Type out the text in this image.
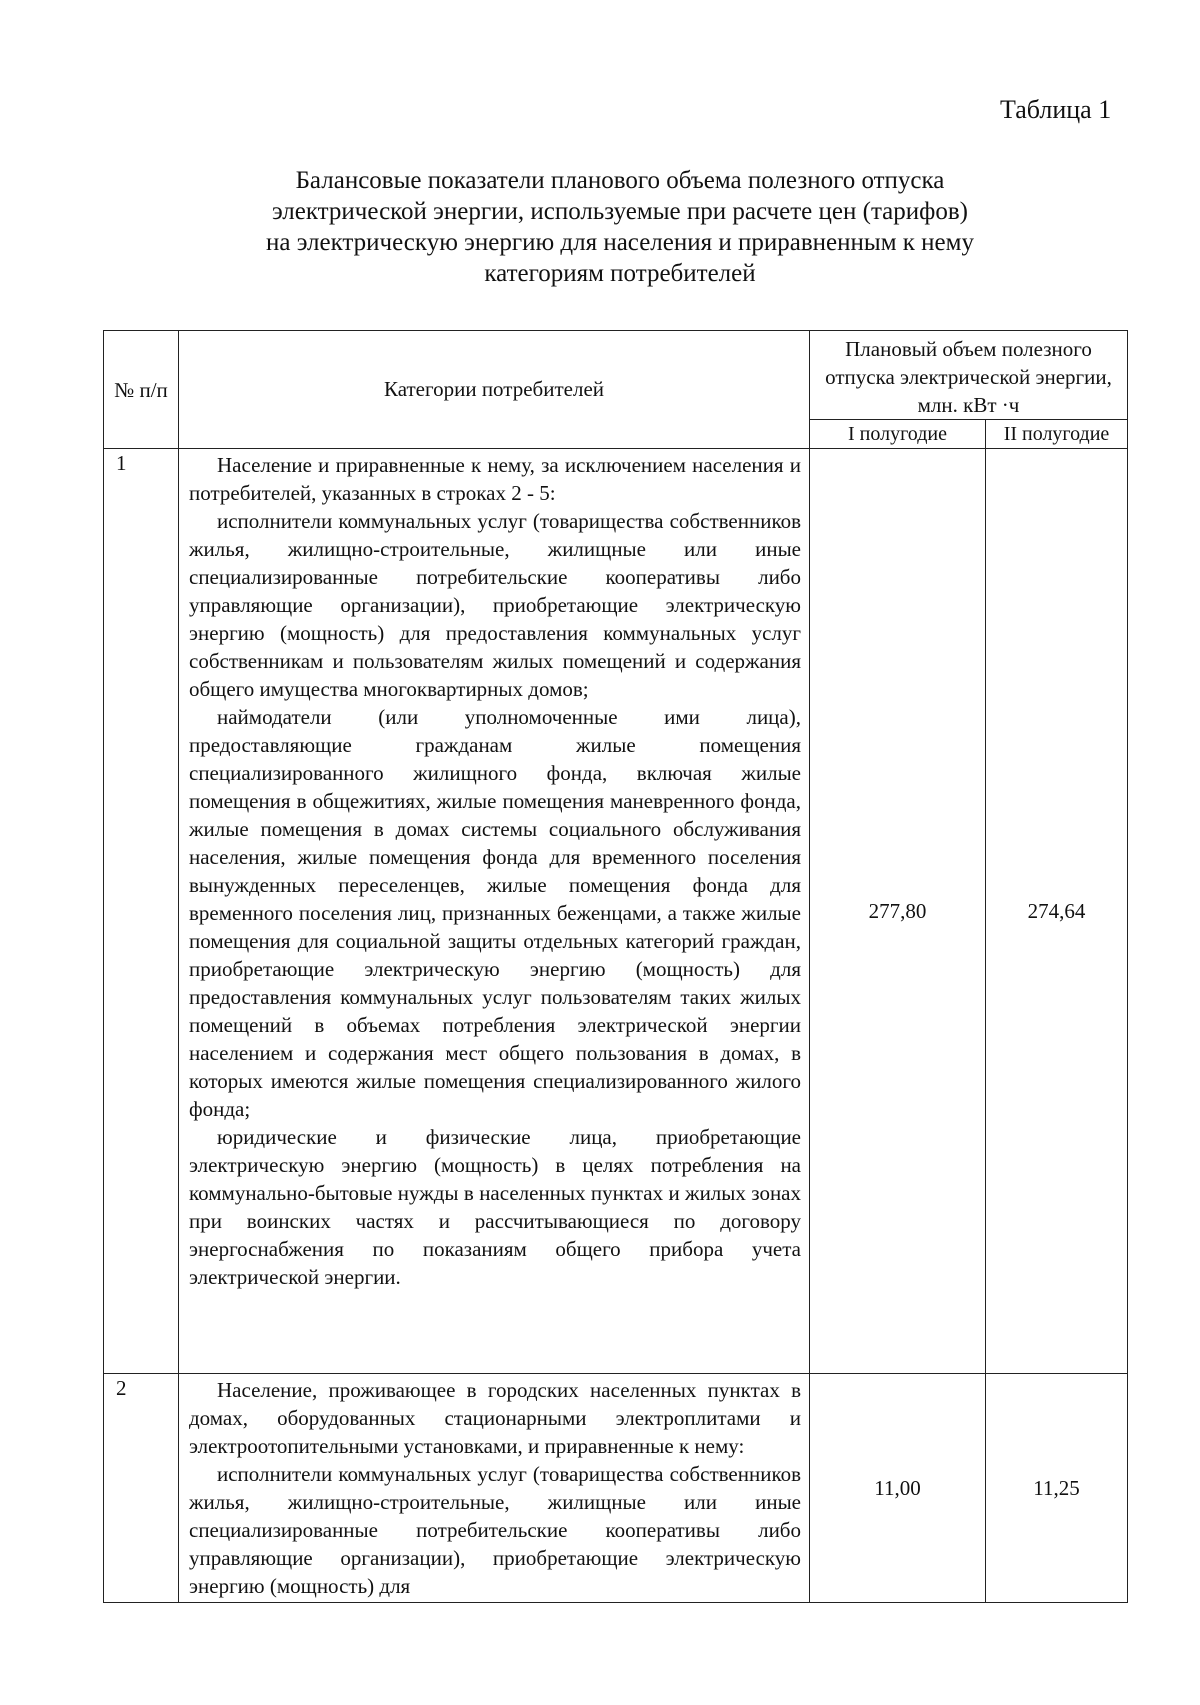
Таблица 1
Балансовые показатели планового объема полезного отпуска
электрической энергии, используемые при расчете цен (тарифов)
на электрическую энергию для населения и приравненным к нему
категориям потребителей
№ п/п	Категории потребителей	Плановый объем полезного отпуска электрической энергии, млн. кВт ·ч	
		I полугодие	II полугодие
1	Население и приравненные к нему, за исключением населения и потребителей, указанных в строках 2 - 5:

исполнители коммунальных услуг (товарищества собственников жилья, жилищно-строительные, жилищные или иные специализированные потребительские кооперативы либо управляющие организации), приобретающие электрическую энергию (мощность) для предоставления коммунальных услуг собственникам и пользователям жилых помещений и содержания общего имущества многоквартирных домов;

наймодатели (или уполномоченные ими лица), предоставляющие гражданам жилые помещения специализированного жилищного фонда, включая жилые помещения в общежитиях, жилые помещения маневренного фонда, жилые помещения в домах системы социального обслуживания населения, жилые помещения фонда для временного поселения вынужденных переселенцев, жилые помещения фонда для временного поселения лиц, признанных беженцами, а также жилые помещения для социальной защиты отдельных категорий граждан, приобретающие электрическую энергию (мощность) для предоставления коммунальных услуг пользователям таких жилых помещений в объемах потребления электрической энергии населением и содержания мест общего пользования в домах, в которых имеются жилые помещения специализированного жилого фонда;

юридические и физические лица, приобретающие электрическую энергию (мощность) в целях потребления на коммунально-бытовые нужды в населенных пунктах и жилых зонах при воинских частях и рассчитывающиеся по договору энергоснабжения по показаниям общего прибора учета электрической энергии.	277,80	274,64
2	Население, проживающее в городских населенных пунктах в домах, оборудованных стационарными электроплитами и электроотопительными установками, и приравненные к нему:

исполнители коммунальных услуг (товарищества собственников жилья, жилищно-строительные, жилищные или иные специализированные потребительские кооперативы либо управляющие организации), приобретающие электрическую энергию (мощность) для	11,00	11,25
